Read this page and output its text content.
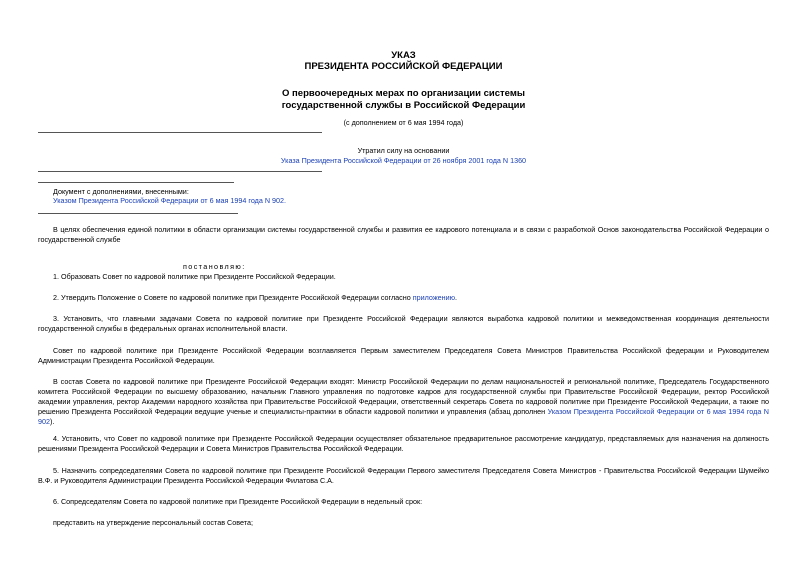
УКАЗ
ПРЕЗИДЕНТА РОССИЙСКОЙ ФЕДЕРАЦИИ
О первоочередных мерах по организации системы
государственной службы в Российской Федерации
(с дополнением от 6 мая 1994 года)
Утратил силу на основании
Указа Президента Российской Федерации от 26 ноября 2001 года N 1360
Документ с дополнениями, внесенными:
Указом Президента Российской Федерации от 6 мая 1994 года N 902.
В целях обеспечения единой политики в области организации системы государственной службы и развития ее кадрового потенциала и в связи с разработкой Основ законодательства Российской Федерации о государственной службе
постановляю:
1. Образовать Совет по кадровой политике при Президенте Российской Федерации.
2. Утвердить Положение о Совете по кадровой политике при Президенте Российской Федерации согласно приложению.
3. Установить, что главными задачами Совета по кадровой политике при Президенте Российской Федерации являются выработка кадровой политики и межведомственная координация деятельности государственной службы в федеральных органах исполнительной власти.
Совет по кадровой политике при Президенте Российской Федерации возглавляется Первым заместителем Председателя Совета Министров Правительства Российской федерации и Руководителем Администрации Президента Российской Федерации.
В состав Совета по кадровой политике при Президенте Российской Федерации входят: Министр Российской Федерации по делам национальностей и региональной политике, Председатель Государственного комитета Российской Федерации по высшему образованию, начальник Главного управления по подготовке кадров для государственной службы при Правительстве Российской Федерации, ректор Российской академии управления, ректор Академии народного хозяйства при Правительстве Российской Федерации, ответственный секретарь Совета по кадровой политике при Президенте Российской Федерации, а также по решению Президента Российской Федерации ведущие ученые и специалисты-практики в области кадровой политики и управления (абзац дополнен Указом Президента Российской Федерации от 6 мая 1994 года N 902).
4. Установить, что Совет по кадровой политике при Президенте Российской Федерации осуществляет обязательное предварительное рассмотрение кандидатур, представляемых для назначения на должность решениями Президента Российской Федерации и Совета Министров Правительства Российской Федерации.
5. Назначить сопредседателями Совета по кадровой политике при Президенте Российской Федерации Первого заместителя Председателя Совета Министров - Правительства Российской Федерации Шумейко В.Ф. и Руководителя Администрации Президента Российской Федерации Филатова С.А.
6. Сопредседателям Совета по кадровой политике при Президенте Российской Федерации в недельный срок:
представить на утверждение персональный состав Совета;
